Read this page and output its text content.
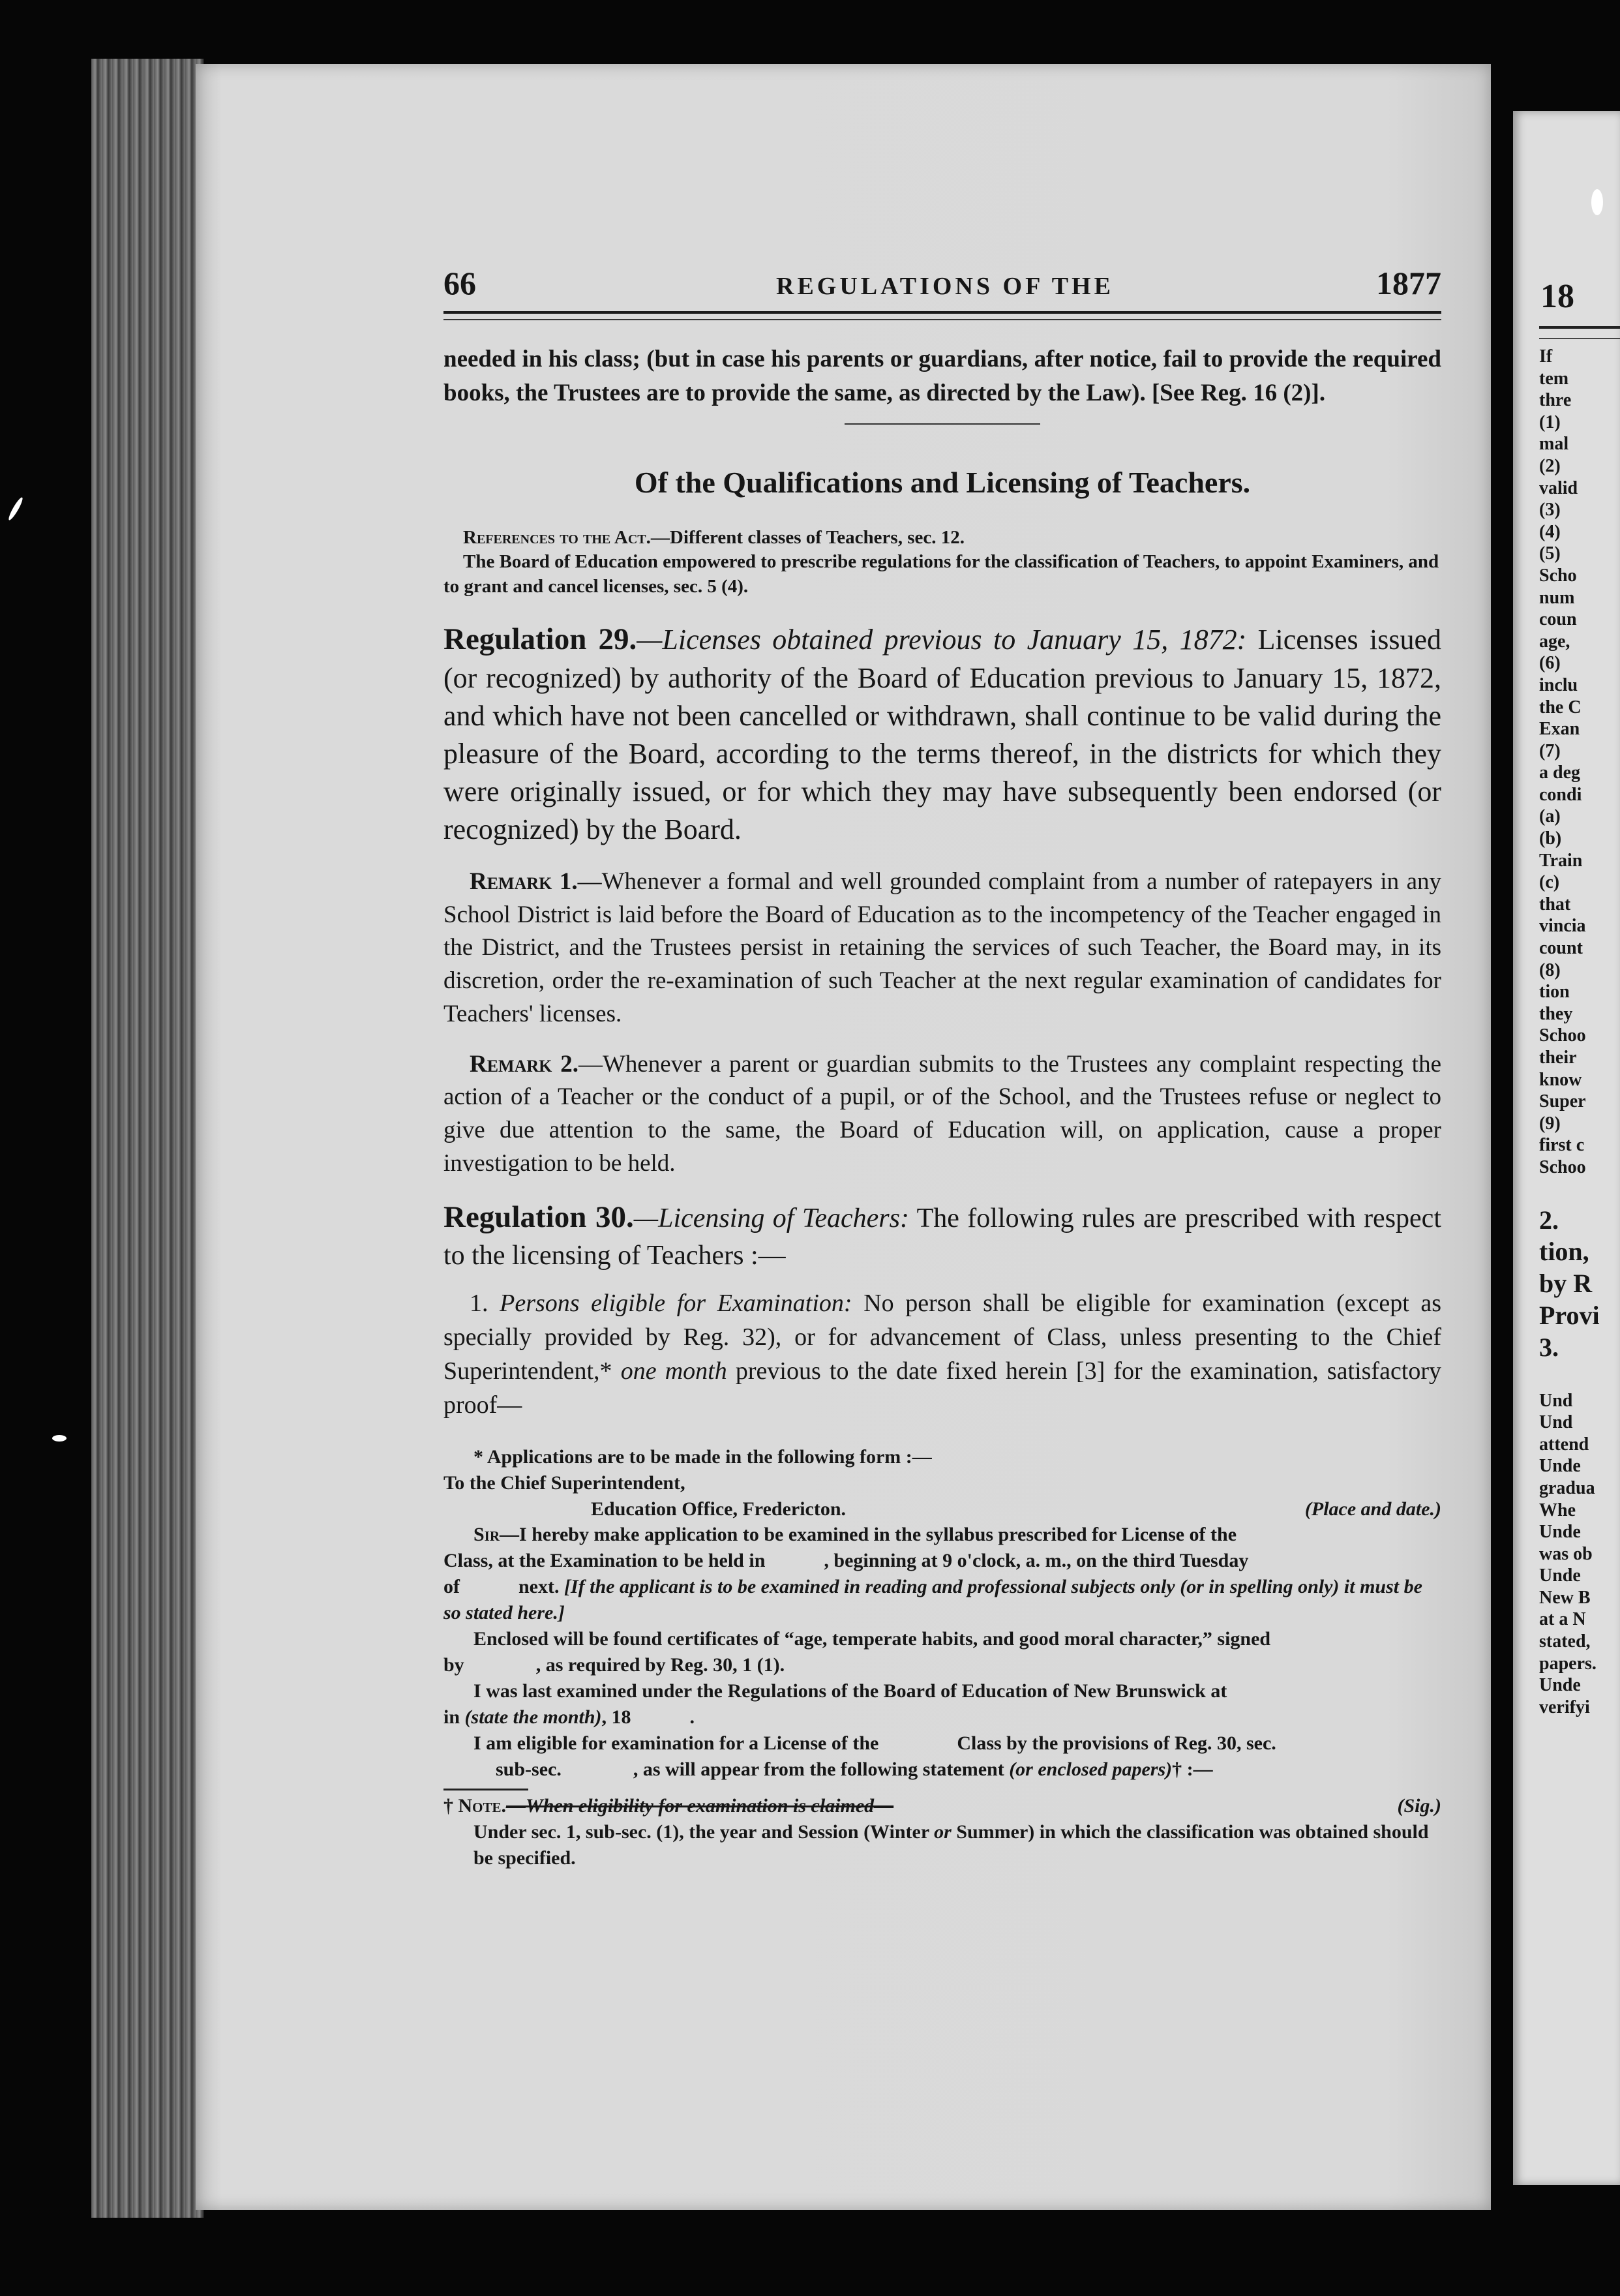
18
If
tem
thre
(1)
mal
(2)
valid
(3)
(4)
(5)
Scho
num
coun
age,
(6)
inclu
the C
Exan
(7)
a deg
condi
(a)
(b)
Train
(c)
that
vincia
count
(8)
tion
they
Schoo
their
know
Super
(9)
first c
Schoo
2.
tion,
by R
Provi
3.
Und
Und
attend
Unde
gradua
Whe
Unde
was ob
Unde
New B
at a N
stated,
papers.
Unde
verifyi
66	REGULATIONS OF THE	1877
needed in his class; (but in case his parents or guardians, after notice, fail to provide the required books, the Trustees are to provide the same, as directed by the Law). [See Reg. 16 (2)].
Of the Qualifications and Licensing of Teachers.
References to the Act.—Different classes of Teachers, sec. 12.
The Board of Education empowered to prescribe regulations for the classification of Teachers, to appoint Examiners, and to grant and cancel licenses, sec. 5 (4).
Regulation 29.—Licenses obtained previous to January 15, 1872: Licenses issued (or recognized) by authority of the Board of Education previous to January 15, 1872, and which have not been cancelled or withdrawn, shall continue to be valid during the pleasure of the Board, according to the terms thereof, in the districts for which they were originally issued, or for which they may have subsequently been endorsed (or recognized) by the Board.
Remark 1.—Whenever a formal and well grounded complaint from a number of ratepayers in any School District is laid before the Board of Education as to the incompetency of the Teacher engaged in the District, and the Trustees persist in retaining the services of such Teacher, the Board may, in its discretion, order the re-examination of such Teacher at the next regular examination of candidates for Teachers' licenses.
Remark 2.—Whenever a parent or guardian submits to the Trustees any complaint respecting the action of a Teacher or the conduct of a pupil, or of the School, and the Trustees refuse or neglect to give due attention to the same, the Board of Education will, on application, cause a proper investigation to be held.
Regulation 30.—Licensing of Teachers: The following rules are prescribed with respect to the licensing of Teachers :—
1. Persons eligible for Examination: No person shall be eligible for examination (except as specially provided by Reg. 32), or for advancement of Class, unless presenting to the Chief Superintendent,* one month previous to the date fixed herein [3] for the examination, satisfactory proof—
* Applications are to be made in the following form :—
To the Chief Superintendent,
Education Office, Fredericton.	(Place and date.)
Sir—I hereby make application to be examined in the syllabus prescribed for License of the
Class, at the Examination to be held in	, beginning at 9 o'clock, a. m., on the third Tuesday
of	next. [If the applicant is to be examined in reading and professional subjects only (or in spelling only) it must be so stated here.]
Enclosed will be found certificates of “age, temperate habits, and good moral character,” signed
by	, as required by Reg. 30, 1 (1).
I was last examined under the Regulations of the Board of Education of New Brunswick at
in (state the month), 18	.
I am eligible for examination for a License of the	Class by the provisions of Reg. 30, sec.
sub-sec.	, as will appear from the following statement (or enclosed papers)† :—
† Note.—When eligibility for examination is claimed—	(Sig.)
Under sec. 1, sub-sec. (1), the year and Session (Winter or Summer) in which the classification was obtained should be specified.
